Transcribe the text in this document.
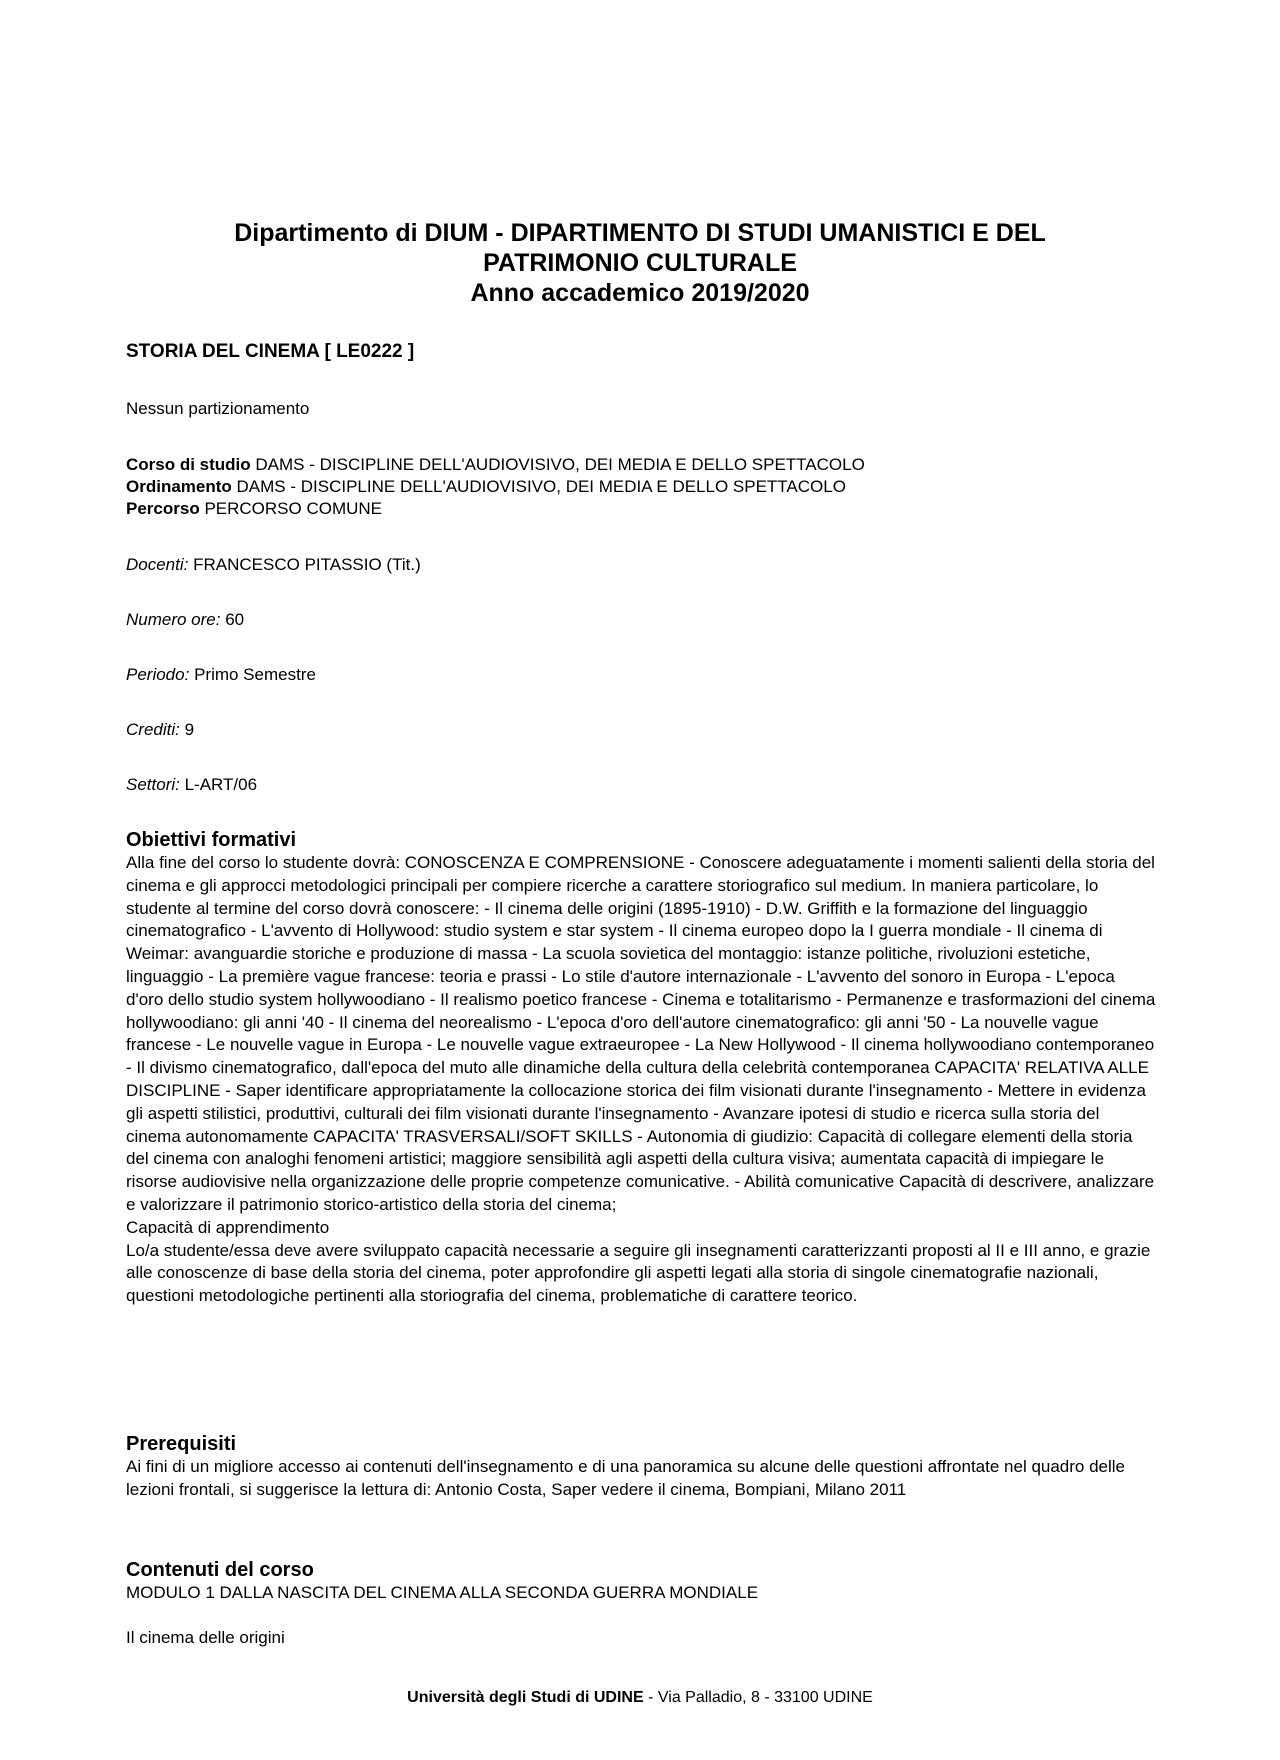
Dipartimento di DIUM - DIPARTIMENTO DI STUDI UMANISTICI E DEL
PATRIMONIO CULTURALE
Anno accademico 2019/2020
STORIA DEL CINEMA [ LE0222 ]
Nessun partizionamento
Corso di studio DAMS - DISCIPLINE DELL'AUDIOVISIVO, DEI MEDIA E DELLO SPETTACOLO
Ordinamento DAMS - DISCIPLINE DELL'AUDIOVISIVO, DEI MEDIA E DELLO SPETTACOLO
Percorso PERCORSO COMUNE
Docenti: FRANCESCO PITASSIO (Tit.)
Numero ore: 60
Periodo: Primo Semestre
Crediti: 9
Settori: L-ART/06
Obiettivi formativi
Alla fine del corso lo studente dovrà: CONOSCENZA E COMPRENSIONE - Conoscere adeguatamente i momenti salienti della storia del cinema e gli approcci metodologici principali per compiere ricerche a carattere storiografico sul medium. In maniera particolare, lo studente al termine del corso dovrà conoscere: - Il cinema delle origini (1895-1910) - D.W. Griffith e la formazione del linguaggio cinematografico - L'avvento di Hollywood: studio system e star system - Il cinema europeo dopo la I guerra mondiale - Il cinema di Weimar: avanguardie storiche e produzione di massa - La scuola sovietica del montaggio: istanze politiche, rivoluzioni estetiche, linguaggio - La première vague francese: teoria e prassi - Lo stile d'autore internazionale - L'avvento del sonoro in Europa - L'epoca d'oro dello studio system hollywoodiano - Il realismo poetico francese - Cinema e totalitarismo - Permanenze e trasformazioni del cinema hollywoodiano: gli anni '40 - Il cinema del neorealismo - L'epoca d'oro dell'autore cinematografico: gli anni '50 - La nouvelle vague francese - Le nouvelle vague in Europa - Le nouvelle vague extraeuropee - La New Hollywood - Il cinema hollywoodiano contemporaneo - Il divismo cinematografico, dall'epoca del muto alle dinamiche della cultura della celebrità contemporanea CAPACITA' RELATIVA ALLE DISCIPLINE - Saper identificare appropriatamente la collocazione storica dei film visionati durante l'insegnamento - Mettere in evidenza gli aspetti stilistici, produttivi, culturali dei film visionati durante l'insegnamento - Avanzare ipotesi di studio e ricerca sulla storia del cinema autonomamente CAPACITA' TRASVERSALI/SOFT SKILLS - Autonomia di giudizio: Capacità di collegare elementi della storia del cinema con analoghi fenomeni artistici; maggiore sensibilità agli aspetti della cultura visiva; aumentata capacità di impiegare le risorse audiovisive nella organizzazione delle proprie competenze comunicative. - Abilità comunicative Capacità di descrivere, analizzare e valorizzare il patrimonio storico-artistico della storia del cinema;
Capacità di apprendimento
Lo/a studente/essa deve avere sviluppato capacità necessarie a seguire gli insegnamenti caratterizzanti proposti al II e III anno, e grazie alle conoscenze di base della storia del cinema, poter approfondire gli aspetti legati alla storia di singole cinematografie nazionali, questioni metodologiche pertinenti alla storiografia del cinema, problematiche di carattere teorico.
Prerequisiti
Ai fini di un migliore accesso ai contenuti dell'insegnamento e di una panoramica su alcune delle questioni affrontate nel quadro delle lezioni frontali, si suggerisce la lettura di: Antonio Costa, Saper vedere il cinema, Bompiani, Milano 2011
Contenuti del corso
MODULO 1 DALLA NASCITA DEL CINEMA ALLA SECONDA GUERRA MONDIALE
Il cinema delle origini
Università degli Studi di UDINE - Via Palladio, 8 - 33100 UDINE
